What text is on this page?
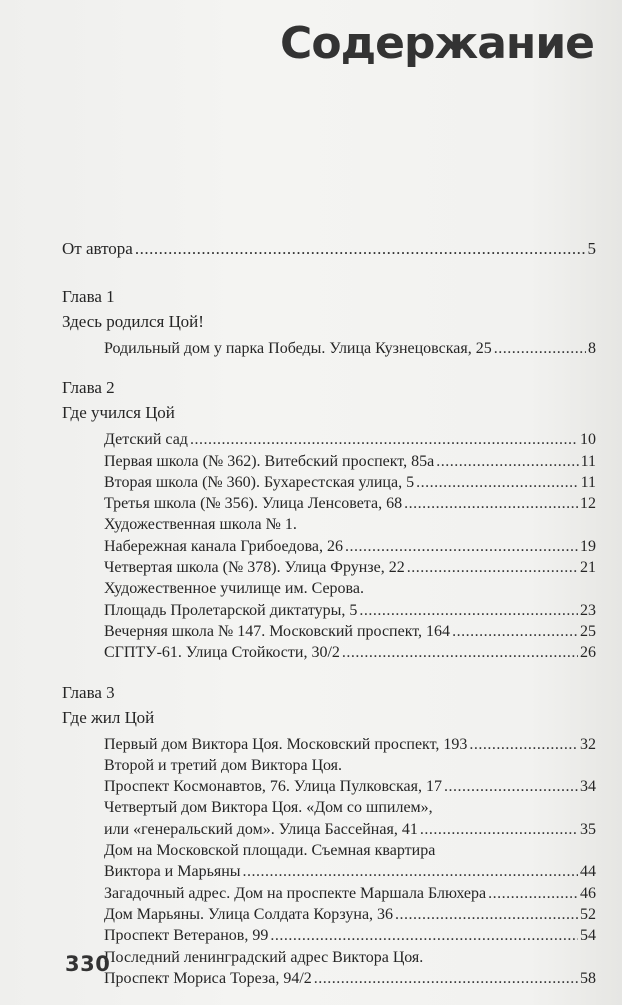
Содержание
От автора .....	5
Глава 1
Здесь родился Цой!
Родильный дом у парка Победы. Улица Кузнецовская, 25 .....	8
Глава 2
Где учился Цой
Детский сад .....	10
Первая школа (№ 362). Витебский проспект, 85а .....	11
Вторая школа (№ 360). Бухарестская улица, 5 .....	11
Третья школа (№ 356). Улица Ленсовета, 68 .....	12
Художественная школа № 1.
Набережная канала Грибоедова, 26 .....	19
Четвертая школа (№ 378). Улица Фрунзе, 22 .....	21
Художественное училище им. Серова.
Площадь Пролетарской диктатуры, 5 .....	23
Вечерняя школа № 147. Московский проспект, 164 .....	25
СГПТУ-61. Улица Стойкости, 30/2 .....	26
Глава 3
Где жил Цой
Первый дом Виктора Цоя. Московский проспект, 193 .....	32
Второй и третий дом Виктора Цоя.
Проспект Космонавтов, 76. Улица Пулковская, 17 .....	34
Четвертый дом Виктора Цоя. «Дом со шпилем»,
или «генеральский дом». Улица Бассейная, 41 .....	35
Дом на Московской площади. Съемная квартира
Виктора и Марьяны .....	44
Загадочный адрес. Дом на проспекте Маршала Блюхера .....	46
Дом Марьяны. Улица Солдата Корзуна, 36 .....	52
Проспект Ветеранов, 99 .....	54
Последний ленинградский адрес Виктора Цоя.
Проспект Мориса Тореза, 94/2 .....	58
330
